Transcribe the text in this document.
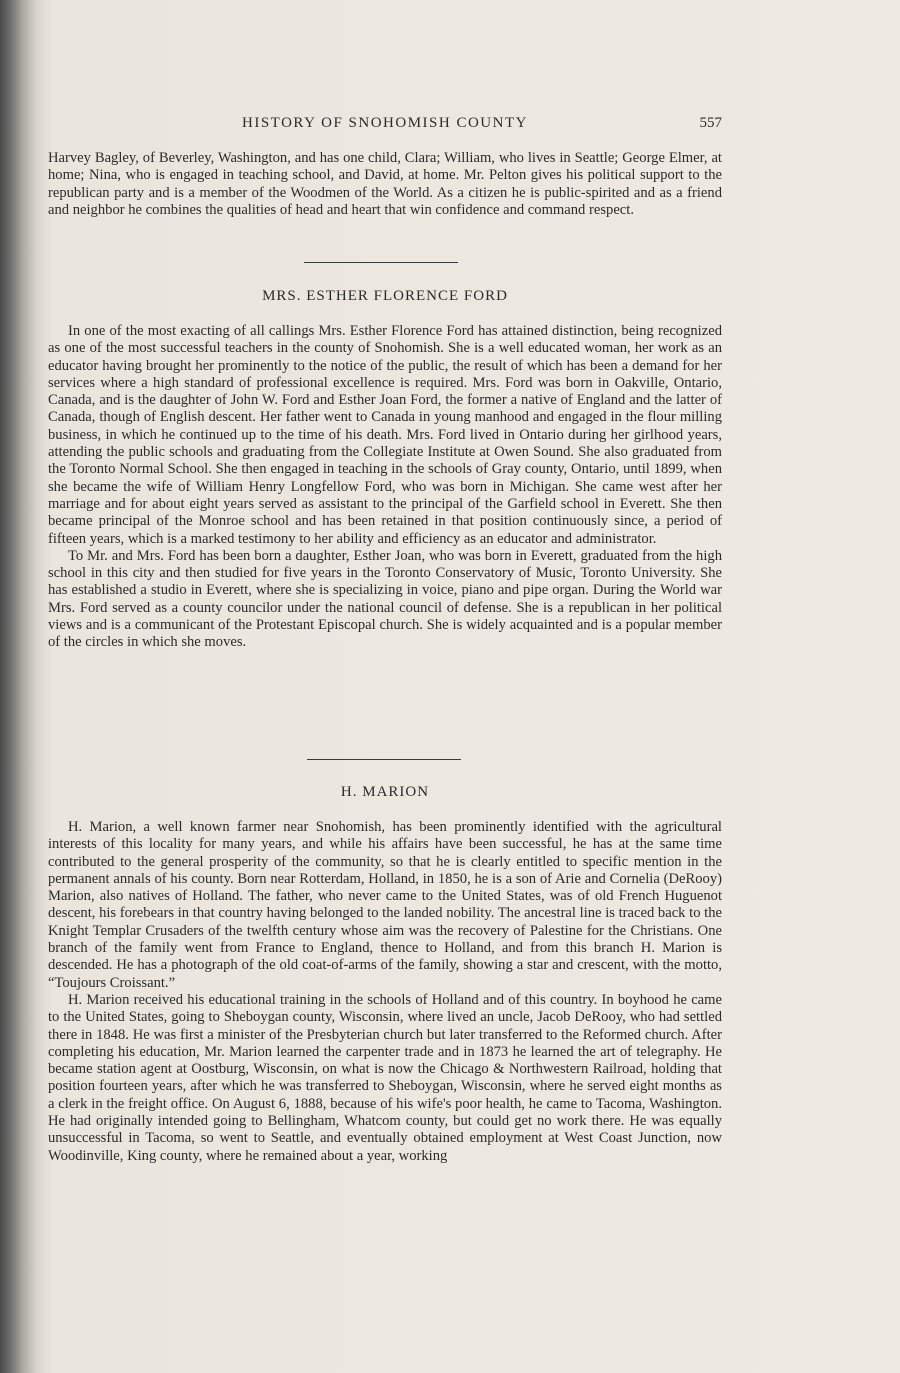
HISTORY OF SNOHOMISH COUNTY	557

Harvey Bagley, of Beverley, Washington, and has one child, Clara; William, who lives in Seattle; George Elmer, at home; Nina, who is engaged in teaching school, and David, at home. Mr. Pelton gives his political support to the republican party and is a member of the Woodmen of the World. As a citizen he is public-spirited and as a friend and neighbor he combines the qualities of head and heart that win confidence and command respect.

MRS. ESTHER FLORENCE FORD

In one of the most exacting of all callings Mrs. Esther Florence Ford has attained distinction, being recognized as one of the most successful teachers in the county of Snohomish. She is a well educated woman, her work as an educator having brought her prominently to the notice of the public, the result of which has been a demand for her services where a high standard of professional excellence is required. Mrs. Ford was born in Oakville, Ontario, Canada, and is the daughter of John W. Ford and Esther Joan Ford, the former a native of England and the latter of Canada, though of English descent. Her father went to Canada in young manhood and engaged in the flour milling business, in which he continued up to the time of his death. Mrs. Ford lived in Ontario during her girlhood years, attending the public schools and graduating from the Collegiate Institute at Owen Sound. She also graduated from the Toronto Normal School. She then engaged in teaching in the schools of Gray county, Ontario, until 1899, when she became the wife of William Henry Longfellow Ford, who was born in Michigan. She came west after her marriage and for about eight years served as assistant to the principal of the Garfield school in Everett. She then became principal of the Monroe school and has been retained in that position continuously since, a period of fifteen years, which is a marked testimony to her ability and efficiency as an educator and administrator.

To Mr. and Mrs. Ford has been born a daughter, Esther Joan, who was born in Everett, graduated from the high school in this city and then studied for five years in the Toronto Conservatory of Music, Toronto University. She has established a studio in Everett, where she is specializing in voice, piano and pipe organ. During the World war Mrs. Ford served as a county councilor under the national council of defense. She is a republican in her political views and is a communicant of the Protestant Episcopal church. She is widely acquainted and is a popular member of the circles in which she moves.

H. MARION

H. Marion, a well known farmer near Snohomish, has been prominently identified with the agricultural interests of this locality for many years, and while his affairs have been successful, he has at the same time contributed to the general prosperity of the community, so that he is clearly entitled to specific mention in the permanent annals of his county. Born near Rotterdam, Holland, in 1850, he is a son of Arie and Cornelia (DeRooy) Marion, also natives of Holland. The father, who never came to the United States, was of old French Huguenot descent, his forebears in that country having belonged to the landed nobility. The ancestral line is traced back to the Knight Templar Crusaders of the twelfth century whose aim was the recovery of Palestine for the Christians. One branch of the family went from France to England, thence to Holland, and from this branch H. Marion is descended. He has a photograph of the old coat-of-arms of the family, showing a star and crescent, with the motto, “Toujours Croissant.”

H. Marion received his educational training in the schools of Holland and of this country. In boyhood he came to the United States, going to Sheboygan county, Wisconsin, where lived an uncle, Jacob DeRooy, who had settled there in 1848. He was first a minister of the Presbyterian church but later transferred to the Reformed church. After completing his education, Mr. Marion learned the carpenter trade and in 1873 he learned the art of telegraphy. He became station agent at Oostburg, Wisconsin, on what is now the Chicago & Northwestern Railroad, holding that position fourteen years, after which he was transferred to Sheboygan, Wisconsin, where he served eight months as a clerk in the freight office. On August 6, 1888, because of his wife's poor health, he came to Tacoma, Washington. He had originally intended going to Bellingham, Whatcom county, but could get no work there. He was equally unsuccessful in Tacoma, so went to Seattle, and eventually obtained employment at West Coast Junction, now Woodinville, King county, where he remained about a year, working
